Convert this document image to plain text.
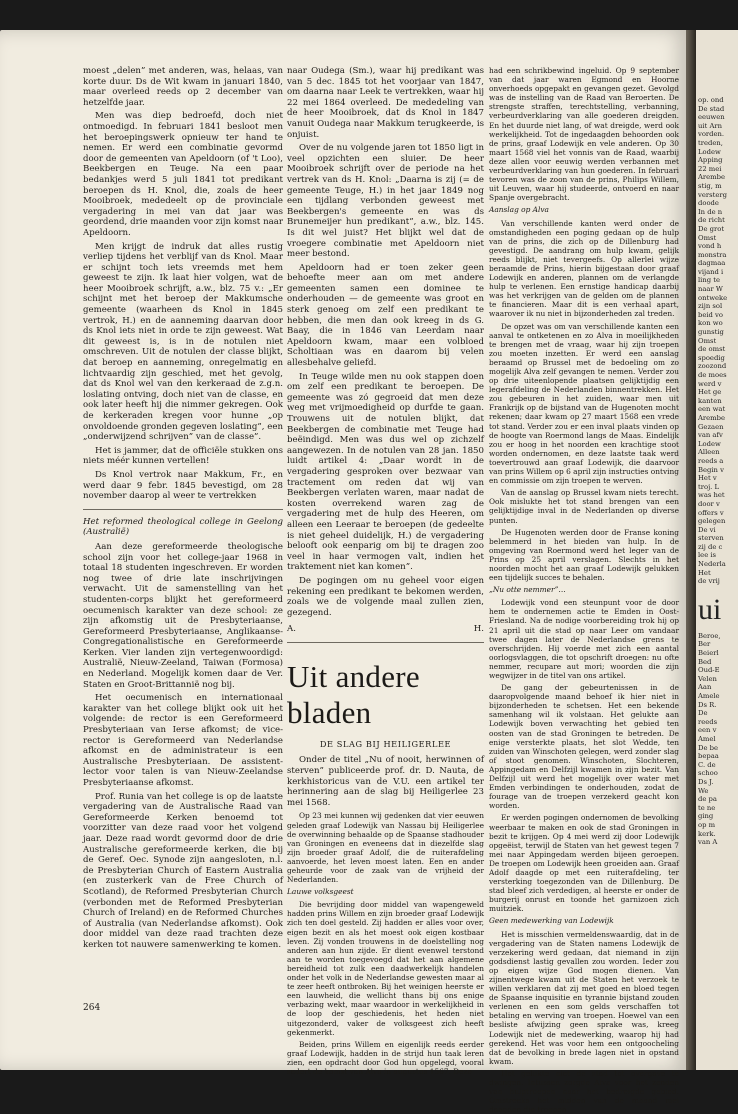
op. ond
De stad
eeuwen
uit Arn
vorden.
treden,
Lodew
Apping
22 mei
Arembe
stig, m
versterg
doode
In de n
de richt
De grot
Omst
vond h
monstra
dagmaa
vijand i
ling te
naar W
ontweke
zijn sol
beid vo
kon wo
gunstig
Omst
de omst
spoedig
zoozond
de moes
werd v
Het ge
kanten
een wat
Arembe
Gezaen
van afv
Lodew
Alleen
reeds a
Begin v
Het v
troj. L
was het
door v
offers v
gelegen
De vi
sterven
zij de c
lee is
Nederla
Het
de vrij
ui
Beroe,
Ber
Beierl
Bed
Oud-E
Velen
Aan
Amele
Ds R.
De
reeds
een v
Amel
De be
bepaa
C. de
schoo
Ds J.
We
de pa
te ne
ging
op m
kerk.
van A

moest „delen” met anderen, was, helaas, van korte duur. Ds de Wit kwam in januari 1840, maar overleed reeds op 2 december van hetzelfde jaar.

Men was diep bedroefd, doch niet ontmoedigd. In februari 1841 besloot men het beroepingswerk opnieuw ter hand te nemen. Er werd een combinatie gevormd door de gemeenten van Apeldoorn (of 't Loo), Beekbergen en Teuge. Na een paar bedankjes werd 5 juli 1841 tot predikant beroepen ds H. Knol, die, zoals de heer Mooibroek, mededeelt op de provinciale vergadering in mei van dat jaar was geordend, drie maanden voor zijn komst naar Apeldoorn.

Men krijgt de indruk dat alles rustig verliep tijdens het verblijf van ds Knol. Maar er schijnt toch iets vreemds met hem geweest te zijn. Ik laat hier volgen, wat de heer Mooibroek schrijft, a.w., blz. 75 v.: „Er schijnt met het beroep der Makkumsche gemeente (waarheen ds Knol in 1845 vertrok, H.) en de aanneming daarvan door ds Knol iets niet in orde te zijn geweest. Wat dit geweest is, is in de notulen niet omschreven. Uit de notulen der classe blijkt, dat beroep en aanneming, onregelmatig en lichtvaardig zijn geschied, met het gevolg, dat ds Knol wel van den kerkeraad de z.g.n. loslating ontving, doch niet van de classe, en ook later heeft hij die nimmer gekregen. Ook de kerkeraden kregen voor hunne „op onvoldoende gronden gegeven loslating”, een „onderwijzend schrijven” van de classe”.

Het is jammer, dat de officiële stukken ons niets méér kunnen vertellen!

Ds Knol vertrok naar Makkum, Fr., en werd daar 9 febr. 1845 bevestigd, om 28 november daarop al weer te vertrekken

Het reformed theological college in Geelong (Australië)

Aan deze gereformeerde theologische school zijn voor het college-jaar 1968 in totaal 18 studenten ingeschreven. Er worden nog twee of drie late inschrijvingen verwacht. Uit de samenstelling van het studenten-corps blijkt het gereformeerd oecumenisch karakter van deze school: ze zijn afkomstig uit de Presbyteriaanse, Gereformeerd Presbyteriaanse, Anglikaanse-Congregationalistische en Gereformeerde Kerken. Vier landen zijn vertegenwoordigd: Australië, Nieuw-Zeeland, Taiwan (Formosa) en Nederland. Mogelijk komen daar de Ver. Staten en Groot-Brittannië nog bij.

Het oecumenisch en internationaal karakter van het college blijkt ook uit het volgende: de rector is een Gereformeerd Presbyteriaan van Ierse afkomst; de vice-rector is Gereformeerd van Nederlandse afkomst en de administrateur is een Australische Presbyteriaan. De assistent-lector voor talen is van Nieuw-Zeelandse Presbyteriaanse afkomst.

Prof. Runia van het college is op de laatste vergadering van de Australische Raad van Gereformeerde Kerken benoemd tot voorzitter van deze raad voor het volgend jaar. Deze raad wordt gevormd door de drie Australische gereformeerde kerken, die bij de Geref. Oec. Synode zijn aangesloten, n.l. de Presbyterian Church of Eastern Australia (en zusterkerk van de Free Church of Scotland), de Reformed Presbyterian Church (verbonden met de Reformed Presbyterian Church of Ireland) en de Reformed Churches of Australia (van Nederlandse afkomst). Ook door middel van deze raad trachten deze kerken tot nauwere samenwerking te komen.

naar Oudega (Sm.), waar hij predikant was van 5 dec. 1845 tot het voorjaar van 1847, om daarna naar Leek te vertrekken, waar hij 22 mei 1864 overleed. De mededeling van de heer Mooibroek, dat ds Knol in 1847 vanuit Oudega naar Makkum terugkeerde, is onjuist.

Over de nu volgende jaren tot 1850 ligt in veel opzichten een sluier. De heer Mooibroek schrijft over de periode na het vertrek van ds H. Knol: „Daarna is zij (= de gemeente Teuge, H.) in het jaar 1849 nog een tijdlang verbonden geweest met Beekbergen's gemeente en was ds Brunemeijer hun predikant”, a.w., blz. 145. Is dit wel juist? Het blijkt wel dat de vroegere combinatie met Apeldoorn niet meer bestond.

Apeldoorn had er toen zeker geen behoefte meer aan om met andere gemeenten samen een dominee te onderhouden — de gemeente was groot en sterk genoeg om zelf een predikant te hebben, die men dan ook kreeg in ds G. Baay, die in 1846 van Leerdam naar Apeldoorn kwam, maar een volbloed Scholtiaan was en daarom bij velen allesbehalve geliefd.

In Teuge wilde men nu ook stappen doen om zelf een predikant te beroepen. De gemeente was zó gegroeid dat men deze weg met vrijmoedigheid op durfde te gaan. Trouwens uit de notulen blijkt, dat Beekbergen de combinatie met Teuge had beëindigd. Men was dus wel op zichzelf aangewezen. In de notulen van 28 jan. 1850 luidt artikel 4: „Daar wordt in de vergadering gesproken over bezwaar van tractement om reden dat wij van Beekbergen verlaten waren, maar nadat de kosten overrekend waren zag de vergadering met de hulp des Heeren, om alleen een Leeraar te beroepen (de gedeelte is niet geheel duidelijk, H.) de vergadering belooft ook eenparig om bij te dragen zoo veel in haar vermogen valt, indien het traktement niet kan komen”.

De pogingen om nu geheel voor eigen rekening een predikant te bekomen werden, zoals we de volgende maal zullen zien, gezegend.

A.	H.
Uit andere bladen
DE SLAG BIJ HEILIGERLEE

Onder de titel „Nu of nooit, herwinnen of sterven” publiceerde prof. dr. D. Nauta, de kerkhistoricus van de V.U. een artikel ter herinnering aan de slag bij Heiligerlee 23 mei 1568.

Op 23 mei kunnen wij gedenken dat vier eeuwen geleden graaf Lodewijk van Nassau bij Heiligerlee de overwinning behaalde op de Spaanse stadhouder van Groningen en eveneens dat in diezelfde slag zijn broeder graaf Adolf, die de ruiterafdeling aanvoerde, het leven moest laten. Een en ander geheurde voor de zaak van de vrijheid der Nederlanden.

Lauwe volksgeest

Die bevrijding door middel van wapengeweld hadden prins Willem en zijn broeder graaf Lodewijk zich ten doel gesteld. Zij hadden er alles voor over, eigen bezit en als het moest ook eigen kostbaar leven. Zij vonden trouwens in de doelstelling nog anderen aan hun zijde. Er dient evenwel terstond aan te worden toegevoegd dat het aan algemene bereidheid tot zulk een daadwerkelijk handelen onder het volk in de Nederlandse gewesten maar al te zeer heeft ontbroken. Bij het weinigen heerste er een lauwheid, die wellicht thans bij ons enige verbazing wekt, maar waardoor in werkelijkheid in de loop der geschiedenis, het heden niet uitgezonderd, vaker de volksgeest zich heeft gekenmerkt.

Beiden, prins Willem en eigenlijk reeds eerder graaf Lodewijk, hadden in de strijd hun taak leren zien, een opdracht door God hun opgelegd, vooral sedert de komst van Alva in augustus 1567. Deze

had een schrikbewind ingeluid. Op 9 september van dat jaar waren Egmond en Hoorne onverhoeds opgepakt en gevangen gezet. Gevolgd was de instelling van de Raad van Beroerten. De strengste straffen, terechtstelling, verbanning, verbeurdverklaring van alle goederen dreigden. En het duurde niet lang, of wat dreigde, werd ook werkelijkheid. Tot de ingedaagden behoorden ook de prins, graaf Lodewijk en vele anderen. Op 30 maart 1568 viel het vonnis van de Raad, waarbij deze allen voor eeuwig werden verbannen met verbeurdverklaring van hun goederen. In februari tevoren was de zoon van de prins, Philips Willem, uit Leuven, waar hij studeerde, ontvoerd en naar Spanje overgebracht.

Aanslag op Alva

Van verschillende kanten werd onder de omstandigheden een poging gedaan op de hulp van de prins, die zich op de Dillenburg had gevestigd. De aandrang om hulp kwam, gelijk reeds blijkt, niet tevergeefs. Op allerlei wijze beraamde de Prins, hierin bijgestaan door graaf Lodewijk en anderen, plannen om de verlangde hulp te verlenen. Een ernstige handicap daarbij was het verkrijgen van de gelden om de plannen te financieren. Maar dit is een verhaal apart, waarover ik nu niet in bijzonderheden zal treden.

De opzet was om van verschillende kanten een aanval te ontketenen en zo Alva in moeilijkheden te brengen met de vraag, waar hij zijn troepen zou moeten inzetten. Er werd een aanslag beraamd op Brussel met de bedoeling om zo mogelijk Alva zelf gevangen te nemen. Verder zou op drie uiteenlopende plaatsen gelijktijdig een legerafdeling de Nederlanden binnentrekken. Het zou gebeuren in het zuiden, waar men uit Frankrijk op de bijstand van de Hugenoten mocht rekenen; daar kwam op 27 maart 1568 een vrede tot stand. Verder zou er een inval plaats vinden op de hoogte van Roermond langs de Maas. Eindelijk zou er hoog in het noorden een krachtige stoot worden ondernomen, en deze laatste taak werd toevertrouwd aan graaf Lodewijk, die daarvoor van prins Willem op 6 april zijn instructies ontving en commissie om zijn troepen te werven.

Van de aanslag op Brussel kwam niets terecht. Ook mislukte het tot stand brengen van een gelijktijdige inval in de Nederlanden op diverse punten.

De Hugenoten werden door de Franse koning belemmerd in het bieden van hulp. In de omgeving van Roermond werd het leger van de Prins op 25 april verslagen. Slechts in het noorden mocht het aan graaf Lodewijk gelukken een tijdelijk succes te behalen.

„Nu otte nemmer”…

Lodewijk vond een steunpunt voor de door hem te ondernemen actie te Emden in Oost-Friesland. Na de nodige voorbereiding trok hij op 21 april uit die stad op naar Leer om vandaar twee dagen later de Nederlandse grens te overschrijden. Hij voerde met zich een aantal oorlogsvlaggen, die tot opschrift droegen: nu ofte nemmer, recupare aut mori; woorden die zijn wegwijzer in de titel van ons artikel.

De gang der gebeurtenissen in de daaropvolgende maand behoef ik hier niet in bijzonderheden te schetsen. Het een bekende samenhang wil ik volstaan. Het gelukte aan Lodewijk boven verwachting het gebied ten oosten van de stad Groningen te betreden. De enige versterkte plaats, het slot Wedde, ten zuiden van Winschoten gelegen, werd zonder slag of stoot genomen. Winschoten, Slochteren, Appingedam en Delfzijl kwamen in zijn bezit. Van Delfzijl uit werd het mogelijk over water met Emden verbindingen te onderhouden, zodat de fourage van de troepen verzekerd geacht kon worden.

Er werden pogingen ondernomen de bevolking weerbaar te maken en ook de stad Groningen in bezit te krijgen. Op 4 mei werd zij door Lodewijk opgeëist, terwijl de Staten van het gewest tegen 7 mei naar Appingedam werden bijeen geroepen. De troepen om Lodewijk heen groeiden aan. Graaf Adolf daagde op met een ruiterafdeling, ter versterking toegezonden van de Dillenburg. De stad bleef zich verdedigen, al heerste er onder de burgerij onrust en toonde het garnizoen zich muitziek.

Geen medewerking van Lodewijk

Het is misschien vermeldenswaardig, dat in de vergadering van de Staten namens Lodewijk de verzekering werd gedaan, dat niemand in zijn godsdienst lastig gevallen zou worden. Ieder zou op eigen wijze God mogen dienen. Van zijnentwege kwam uit de Staten het verzoek te willen verklaren dat zij met goed en bloed tegen de Spaanse inquisitie en tyrannie bijstand zouden verlenen en een som gelds verschaffen tot betaling en werving van troepen. Hoewel van een besliste afwijzing geen sprake was, kreeg Lodewijk niet de medewerking, waarop hij had gerekend. Het was voor hem een ontgoocheling dat de bevolking in brede lagen niet in opstand kwam.

Het gelukte niet de stad tot overgave te dwingen. Intussen zorgde Alva voor het zenden van hulptroepen naar het bedreigde gebied. Omstreeks het midden van de maand mei daagden die troepen

264
